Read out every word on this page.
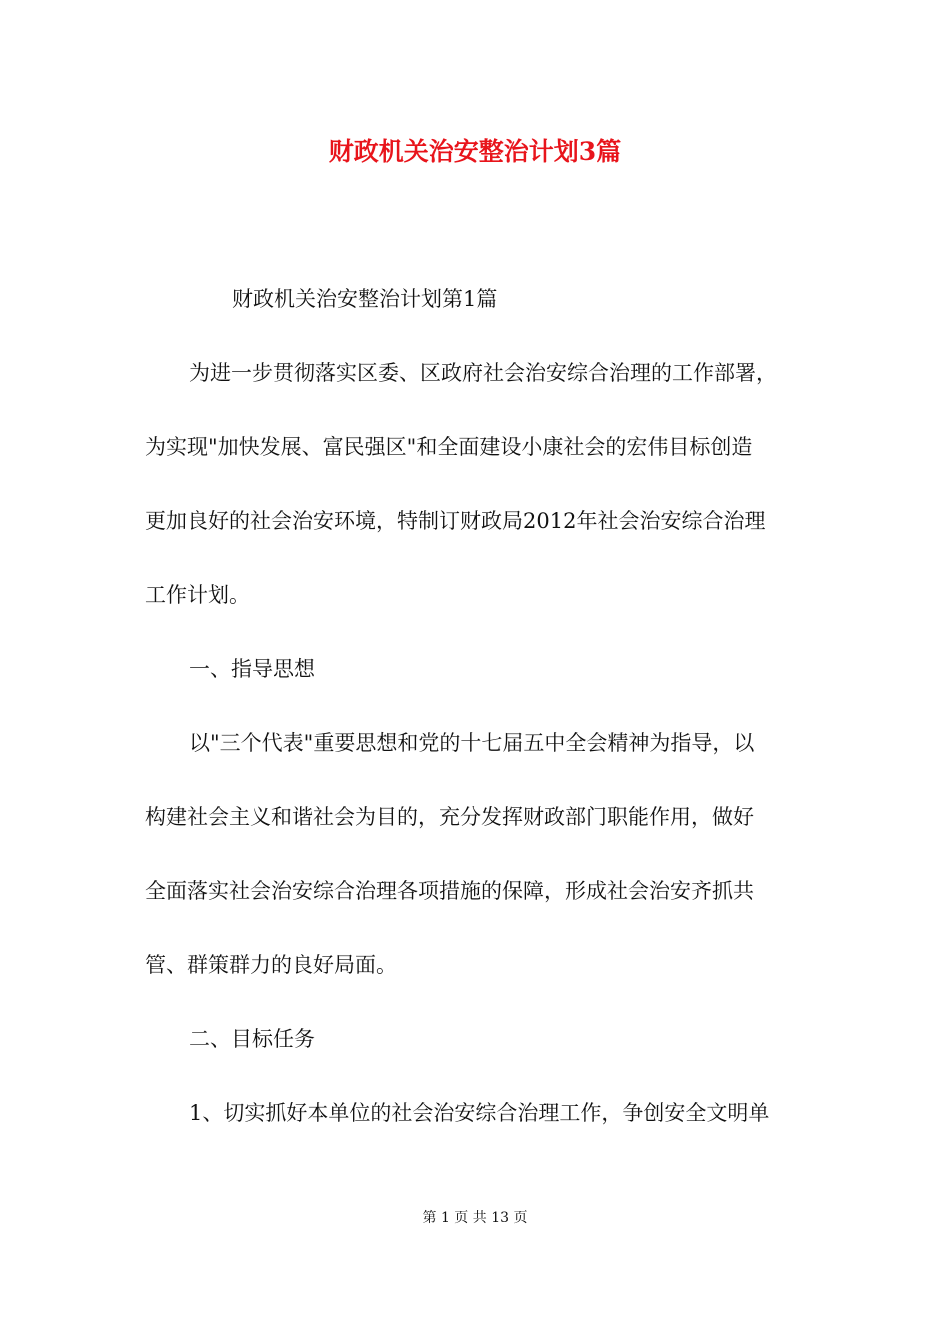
财政机关治安整治计划3篇
财政机关治安整治计划第1篇
为进一步贯彻落实区委、区政府社会治安综合治理的工作部署，
为实现"加快发展、富民强区"和全面建设小康社会的宏伟目标创造
更加良好的社会治安环境，特制订财政局2012年社会治安综合治理
工作计划。
一、指导思想
以"三个代表"重要思想和党的十七届五中全会精神为指导，以
构建社会主义和谐社会为目的，充分发挥财政部门职能作用，做好
全面落实社会治安综合治理各项措施的保障，形成社会治安齐抓共
管、群策群力的良好局面。
二、目标任务
1、切实抓好本单位的社会治安综合治理工作，争创安全文明单
第 1 页 共 13 页
